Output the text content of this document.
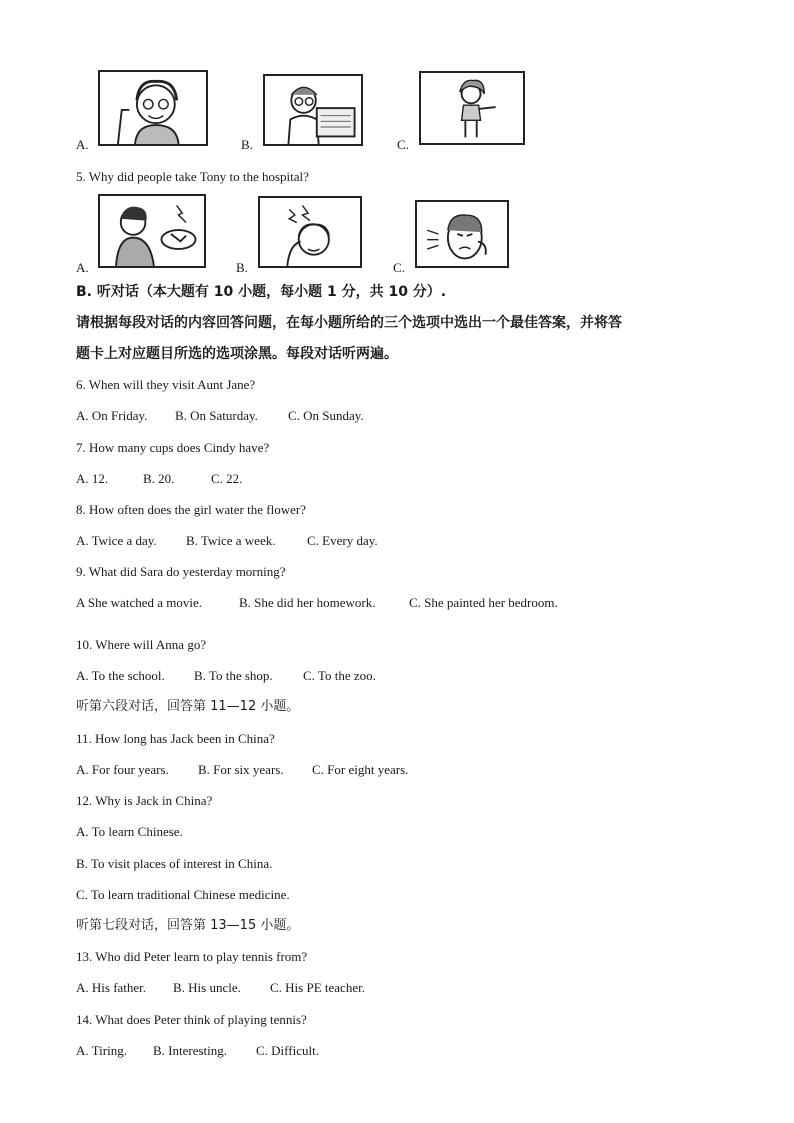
A.	B.	C.
5. Why did people take Tony to the hospital?
A.	B.	C.
B. 听对话（本大题有 10 小题，每小题 1 分，共 10 分）.
请根据每段对话的内容回答问题，在每小题所给的三个选项中选出一个最佳答案，并将答
题卡上对应题目所选的选项涂黑。每段对话听两遍。
6. When will they visit Aunt Jane?
A. On Friday. B. On Saturday. C. On Sunday.
7. How many cups does Cindy have?
A. 12.	B. 20.	C. 22.
8. How often does the girl water the flower?
A. Twice a day. B. Twice a week. C. Every day.
9. What did Sara do yesterday morning?
A She watched a movie.	B. She did her homework.	C. She painted her bedroom.
10. Where will Anna go?
A. To the school. B. To the shop. C. To the zoo.
听第六段对话，回答第 11—12 小题。
11. How long has Jack been in China?
A. For four years. B. For six years. C. For eight years.
12. Why is Jack in China?
A. To learn Chinese.
B. To visit places of interest in China.
C. To learn traditional Chinese medicine.
听第七段对话，回答第 13—15 小题。
13. Who did Peter learn to play tennis from?
A. His father. B. His uncle. C. His PE teacher.
14. What does Peter think of playing tennis?
A. Tiring. B. Interesting. C. Difficult.
